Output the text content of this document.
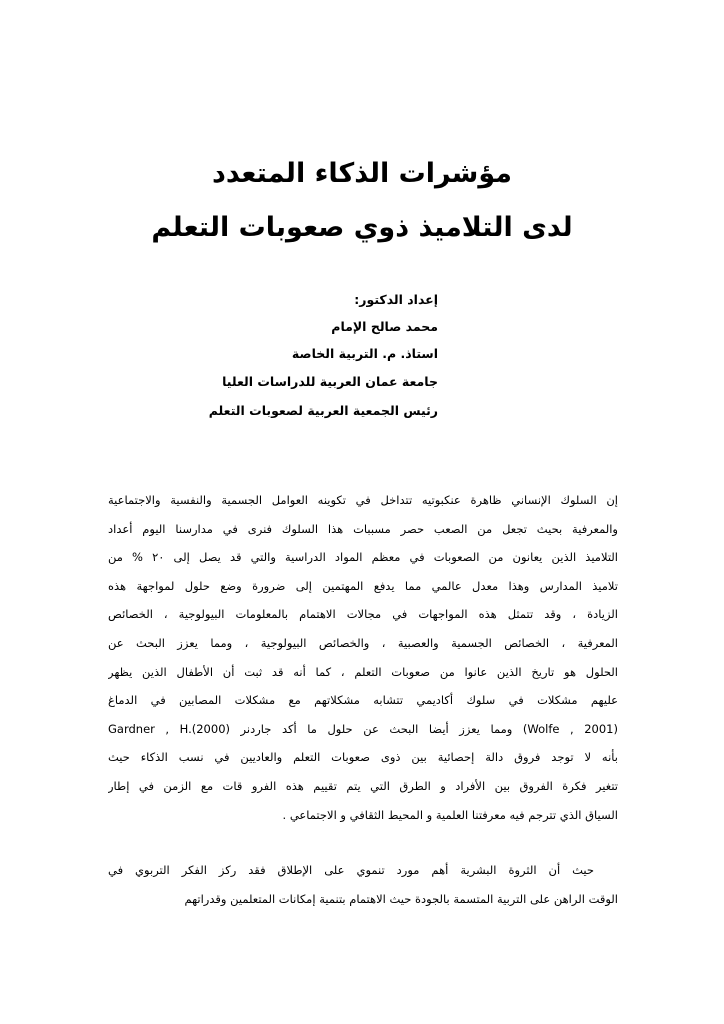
مؤشرات الذكاء المتعدد
لدى التلاميذ ذوي صعوبات التعلم
إعداد الدكتور:
محمد صالح الإمام
استاذ. م. التربية الخاصة
جامعة عمان العربية للدراسات العليا
رئيس الجمعية العربية لصعوبات التعلم
إن السلوك الإنساني ظاهرة عنكبوتيه تتداخل في تكوينه العوامل الجسمية والنفسية والاجتماعية
والمعرفية بحيث تجعل من الصعب حصر مسببات هذا السلوك فنرى في مدارسنا اليوم أعداد
التلاميذ الذين يعانون من الصعوبات في معظم المواد الدراسية والتي قد يصل إلى ٢٠ % من
تلاميذ المدارس وهذا معدل عالمي مما يدفع المهتمين إلى ضرورة وضع حلول لمواجهة هذه
الزيادة ، وقد تتمثل هذه المواجهات في مجالات الاهتمام بالمعلومات البيولوجية ، الخصائص
المعرفية ، الخصائص الجسمية والعصبية ، والخصائص البيولوجية ، ومما يعزز البحث عن
الحلول هو تاريخ الذين عانوا من صعوبات التعلم ، كما أنه قد ثبت أن الأطفال الذين يظهر
عليهم مشكلات في سلوك أكاديمي تتشابه مشكلاتهم مع مشكلات المصابين في الدماغ
(Wolfe , 2001) ومما يعزز أيضا البحث عن حلول ما أكد جاردنر Gardner , H.(2000)
بأنه لا توجد فروق دالة إحصائية بين ذوى صعوبات التعلم والعاديين في نسب الذكاء حيث
تتغير فكرة الفروق بين الأفراد و الطرق التي يتم تقييم هذه الفرو قات مع الزمن في إطار
السياق الذي تترجم فيه معرفتنا العلمية و المحيط الثقافي و الاجتماعي .
حيث أن الثروة البشرية أهم مورد تنموي على الإطلاق فقد ركز الفكر التربوي في
الوقت الراهن على التربية المتسمة بالجودة حيث الاهتمام بتنمية إمكانات المتعلمين وقدراتهم
